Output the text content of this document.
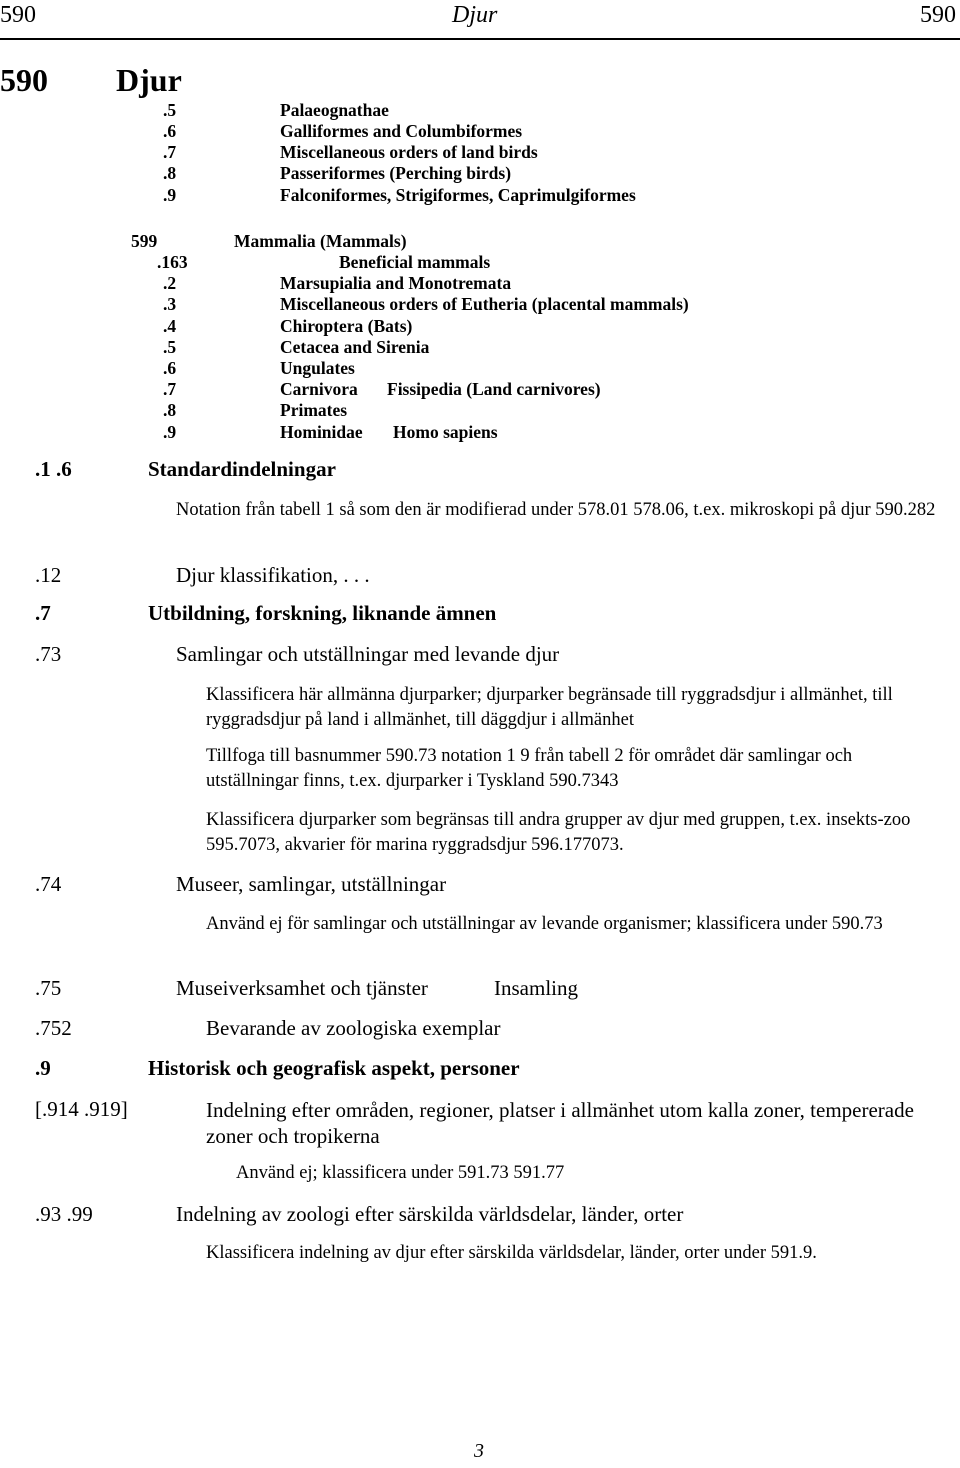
590	Djur	590
590 Djur
.5	Palaeognathae
.6	Galliformes and Columbiformes
.7	Miscellaneous orders of land birds
.8	Passeriformes (Perching birds)
.9	Falconiformes, Strigiformes, Caprimulgiformes
599	Mammalia (Mammals)
.163	Beneficial mammals
.2	Marsupialia and Monotremata
.3	Miscellaneous orders of Eutheria (placental mammals)
.4	Chiroptera (Bats)
.5	Cetacea and Sirenia
.6	Ungulates
.7	Carnivora Fissipedia (Land carnivores)
.8	Primates
.9	Hominidae Homo sapiens
.1 .6	Standardindelningar
Notation från tabell 1 så som den är modifierad under 578.01 578.06, t.ex. mikroskopi på djur 590.282
.12	Djur klassifikation, . . .
.7	Utbildning, forskning, liknande ämnen
.73	Samlingar och utställningar med levande djur
Klassificera här allmänna djurparker; djurparker begränsade till ryggradsdjur i allmänhet, till ryggradsdjur på land i allmänhet, till däggdjur i allmänhet
Tillfoga till basnummer 590.73 notation 1 9 från tabell 2 för området där samlingar och utställningar finns, t.ex. djurparker i Tyskland 590.7343
Klassificera djurparker som begränsas till andra grupper av djur med gruppen, t.ex. insekts-zoo 595.7073, akvarier för marina ryggradsdjur 596.177073.
.74	Museer, samlingar, utställningar
Använd ej för samlingar och utställningar av levande organismer; klassificera under 590.73
.75	Museiverksamhet och tjänster	Insamling
.752	Bevarande av zoologiska exemplar
.9	Historisk och geografisk aspekt, personer
[.914 .919]	Indelning efter områden, regioner, platser i allmänhet utom kalla zoner, tempererade zoner och tropikerna
Använd ej; klassificera under 591.73 591.77
.93 .99	Indelning av zoologi efter särskilda världsdelar, länder, orter
Klassificera indelning av djur efter särskilda världsdelar, länder, orter under 591.9.
3
